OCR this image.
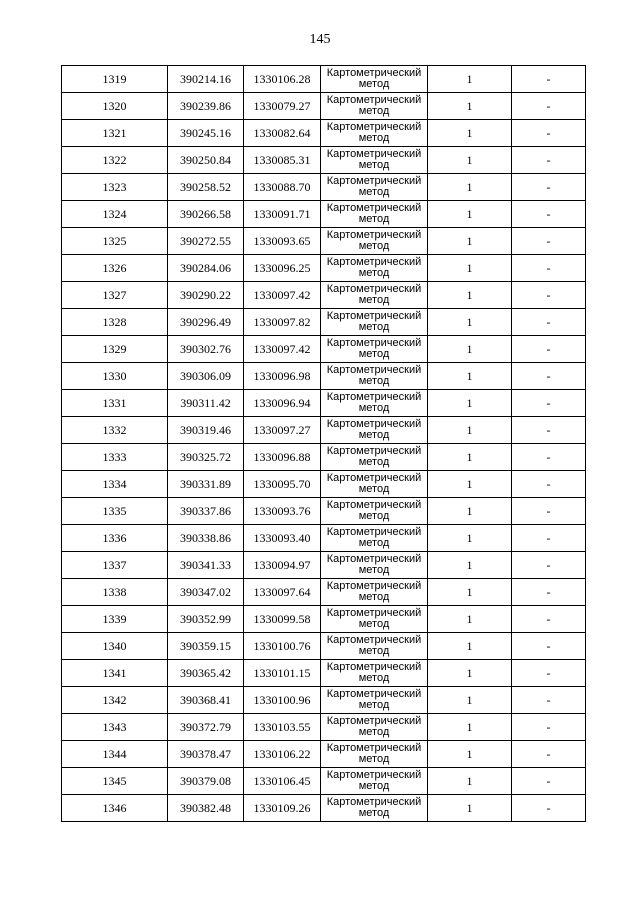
145
1319	390214.16	1330106.28	Картометрический метод	1	-
1320	390239.86	1330079.27	Картометрический метод	1	-
1321	390245.16	1330082.64	Картометрический метод	1	-
1322	390250.84	1330085.31	Картометрический метод	1	-
1323	390258.52	1330088.70	Картометрический метод	1	-
1324	390266.58	1330091.71	Картометрический метод	1	-
1325	390272.55	1330093.65	Картометрический метод	1	-
1326	390284.06	1330096.25	Картометрический метод	1	-
1327	390290.22	1330097.42	Картометрический метод	1	-
1328	390296.49	1330097.82	Картометрический метод	1	-
1329	390302.76	1330097.42	Картометрический метод	1	-
1330	390306.09	1330096.98	Картометрический метод	1	-
1331	390311.42	1330096.94	Картометрический метод	1	-
1332	390319.46	1330097.27	Картометрический метод	1	-
1333	390325.72	1330096.88	Картометрический метод	1	-
1334	390331.89	1330095.70	Картометрический метод	1	-
1335	390337.86	1330093.76	Картометрический метод	1	-
1336	390338.86	1330093.40	Картометрический метод	1	-
1337	390341.33	1330094.97	Картометрический метод	1	-
1338	390347.02	1330097.64	Картометрический метод	1	-
1339	390352.99	1330099.58	Картометрический метод	1	-
1340	390359.15	1330100.76	Картометрический метод	1	-
1341	390365.42	1330101.15	Картометрический метод	1	-
1342	390368.41	1330100.96	Картометрический метод	1	-
1343	390372.79	1330103.55	Картометрический метод	1	-
1344	390378.47	1330106.22	Картометрический метод	1	-
1345	390379.08	1330106.45	Картометрический метод	1	-
1346	390382.48	1330109.26	Картометрический метод	1	-
